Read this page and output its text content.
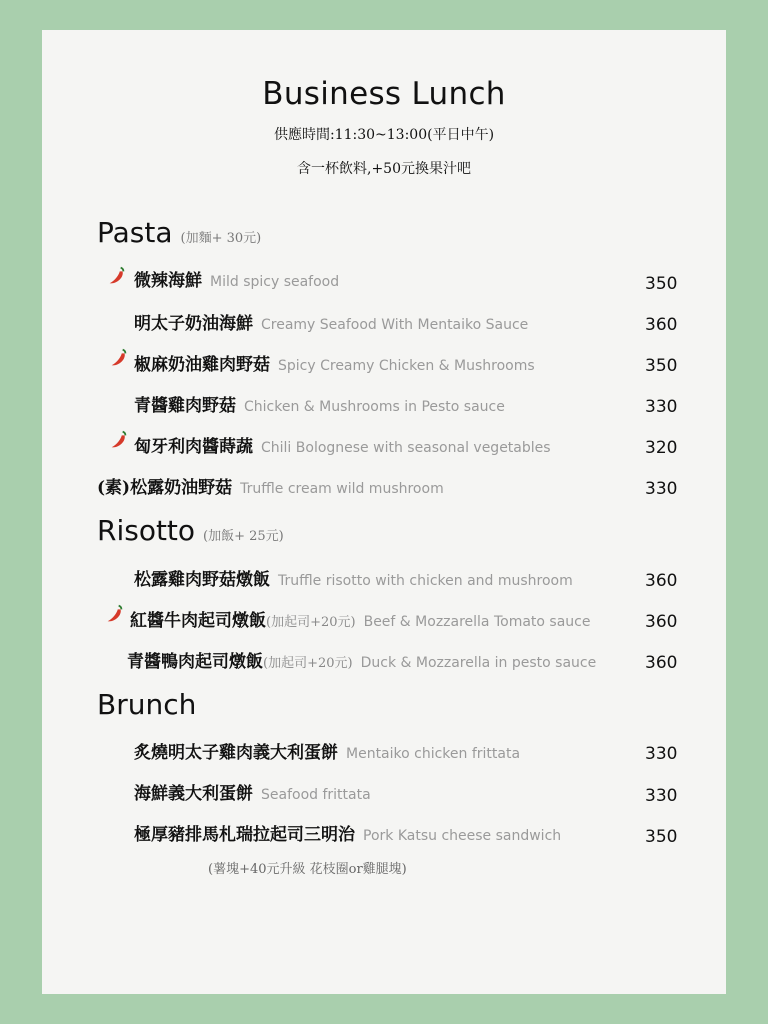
Business Lunch
供應時間:11:30~13:00(平日中午)
含一杯飲料,+50元換果汁吧
Pasta (加麵+ 30元)
微辣海鮮 Mild spicy seafood	350
明太子奶油海鮮 Creamy Seafood With Mentaiko Sauce	360
椒麻奶油雞肉野菇 Spicy Creamy Chicken & Mushrooms	350
青醬雞肉野菇 Chicken & Mushrooms in Pesto sauce	330
匈牙利肉醬蒔蔬 Chili Bolognese with seasonal vegetables	320
(素)松露奶油野菇 Truffle cream wild mushroom	330
Risotto (加飯+ 25元)
松露雞肉野菇燉飯 Truffle risotto with chicken and mushroom	360
紅醬牛肉起司燉飯 (加起司+20元) Beef & Mozzarella Tomato sauce	360
青醬鴨肉起司燉飯 (加起司+20元) Duck & Mozzarella in pesto sauce	360
Brunch
炙燒明太子雞肉義大利蛋餅 Mentaiko chicken frittata	330
海鮮義大利蛋餅 Seafood frittata	330
極厚豬排馬札瑞拉起司三明治 Pork Katsu cheese sandwich	350
(薯塊+40元升級 花枝圈or雞腿塊)
